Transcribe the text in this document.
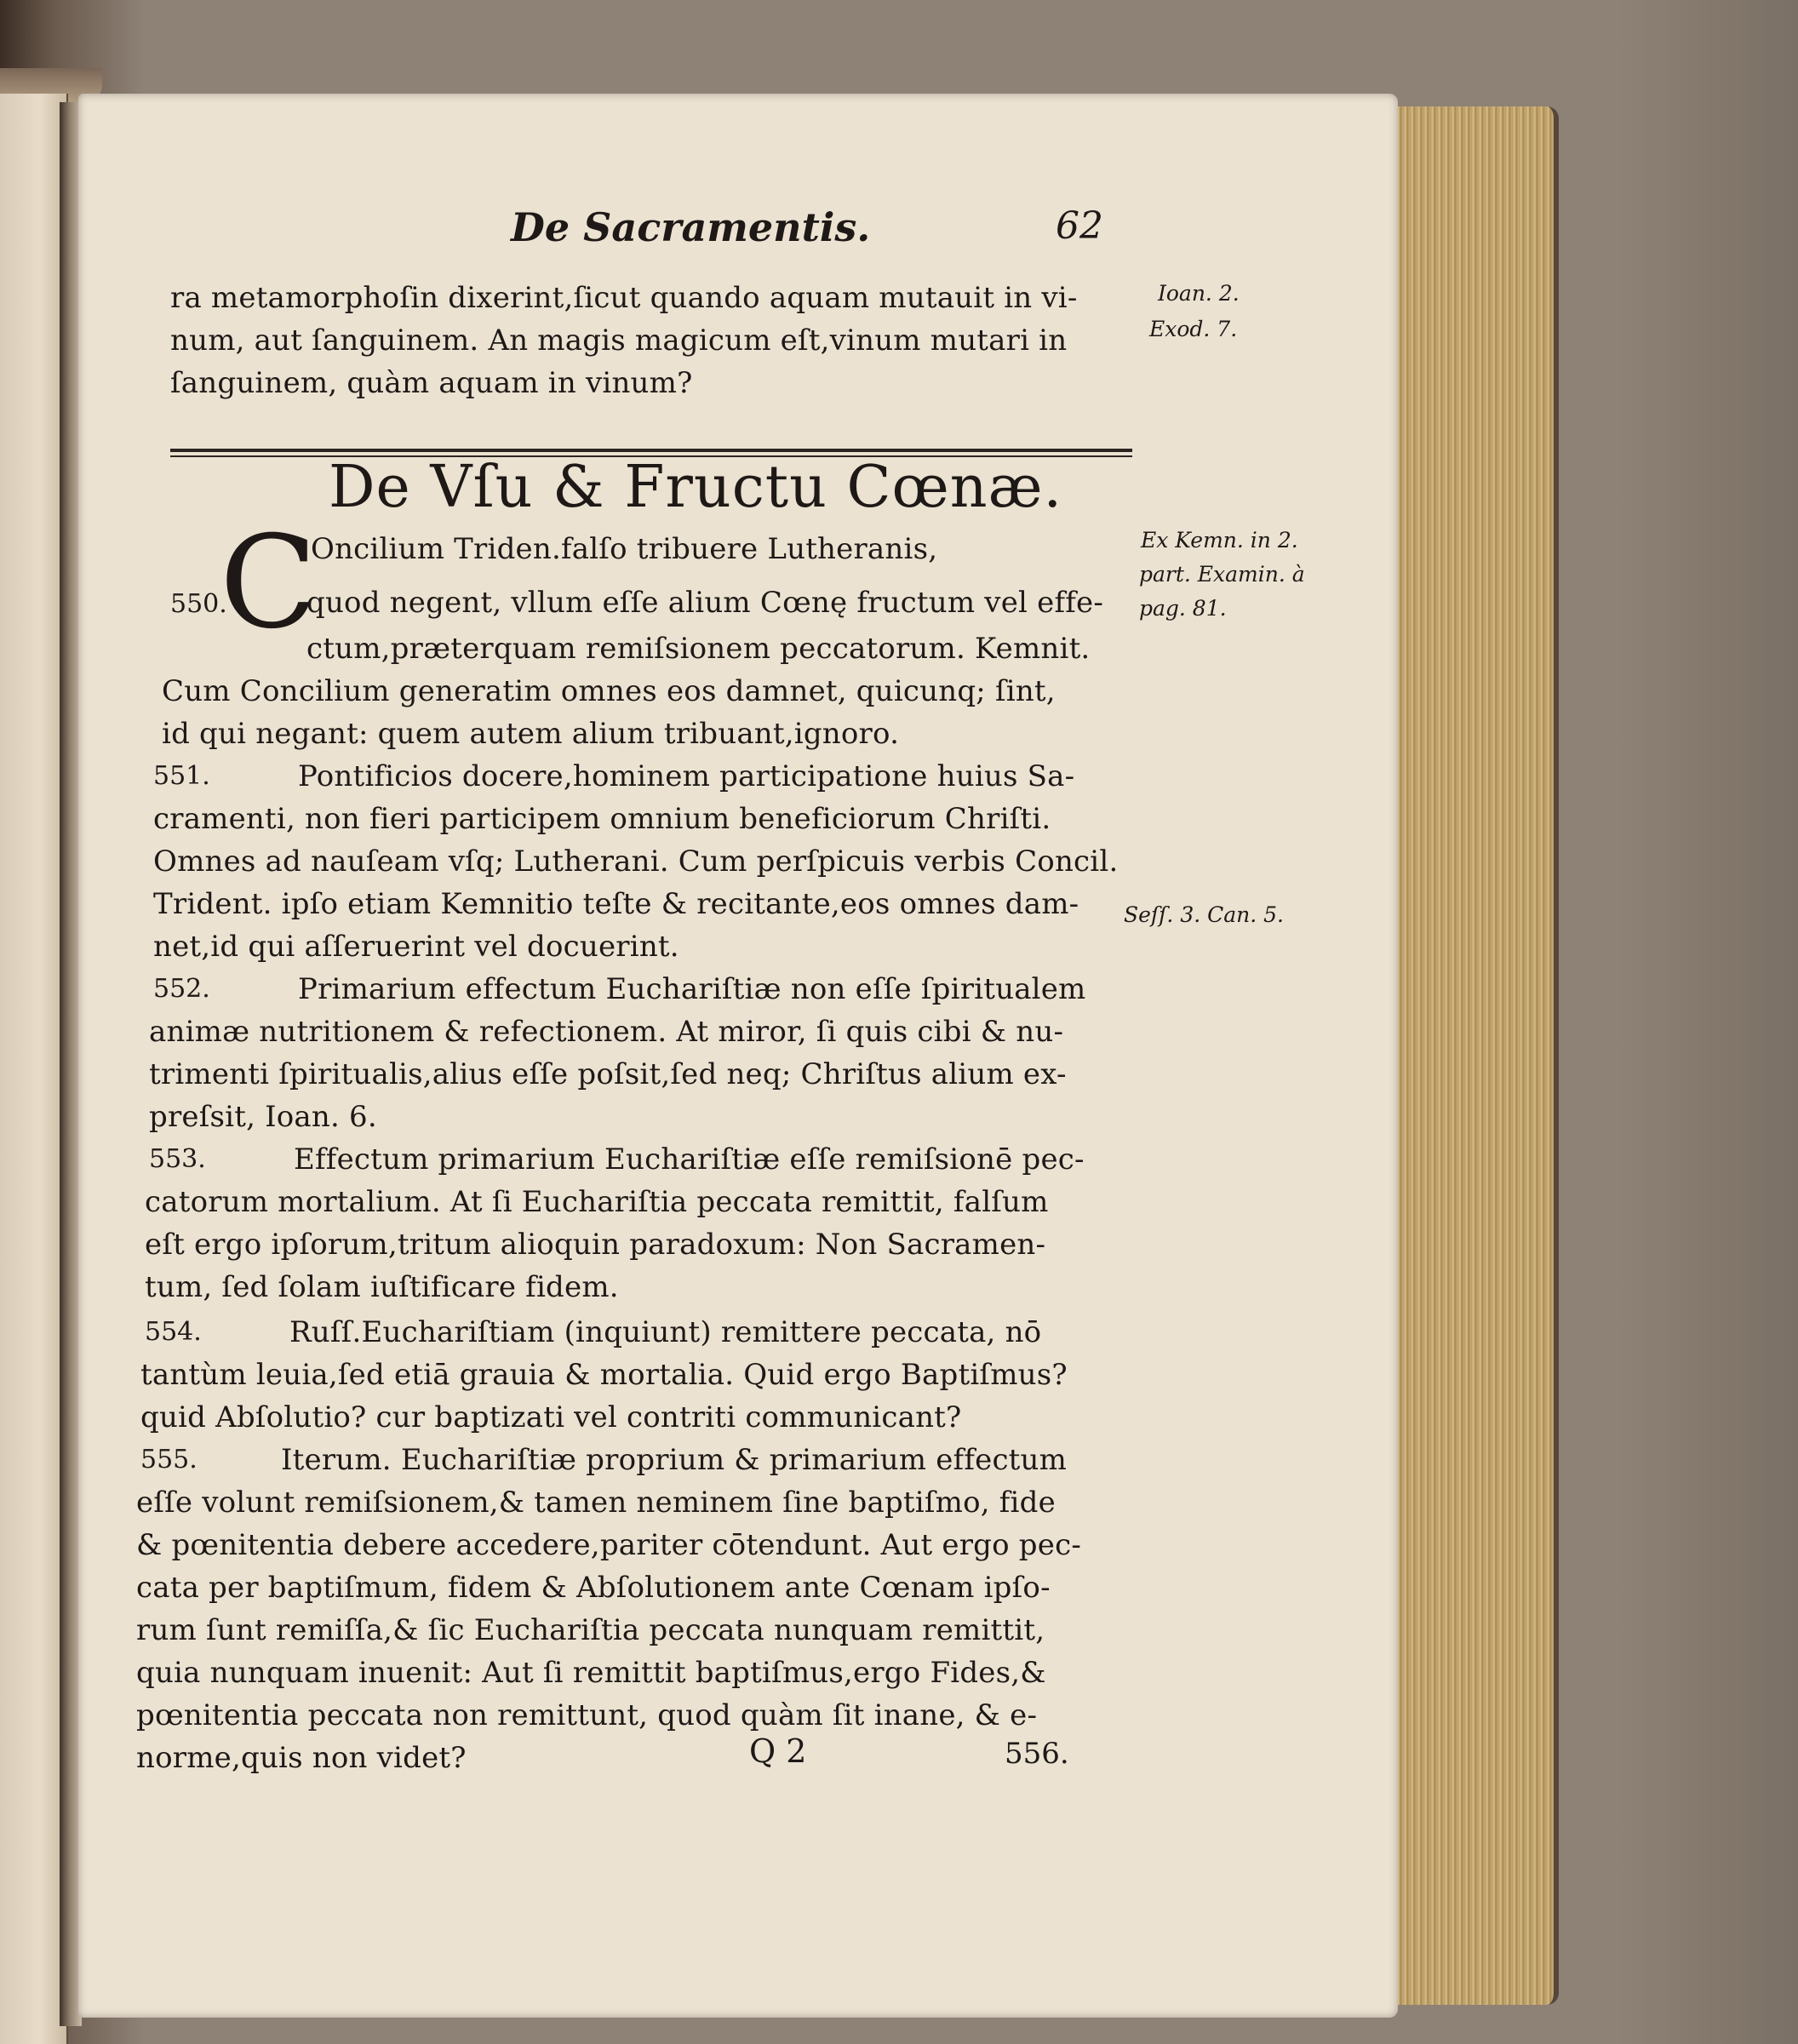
De Sacramentis.	62
ra metamorphoſin dixerint,ſicut quando aquam mutauit in vi-
num, aut ſanguinem. An magis magicum eſt,vinum mutari in
ſanguinem, quàm aquam in vinum?
Ioan. 2.
Exod. 7.
De Vſu & Fructu Cœnæ.
Ex Kemn. in 2.
part. Examin. à
pag. 81.
C
550.
Oncilium Triden.falſo tribuere Lutheranis,
quod negent, vllum eſſe alium Cœnę fructum vel effe-
ctum,præterquam remiſsionem peccatorum. Kemnit.
Cum Concilium generatim omnes eos damnet, quicunq; ſint,
id qui negant: quem autem alium tribuant,ignoro.
551.	Pontificios docere,hominem participatione huius Sa-
cramenti, non fieri participem omnium beneficiorum Chriſti.
Omnes ad nauſeam vſq; Lutherani. Cum perſpicuis verbis Concil.
Trident. ipſo etiam Kemnitio teſte & recitante,eos omnes dam-
net,id qui aſſeruerint vel docuerint.
Seſſ. 3. Can. 5.
552.	Primarium effectum Euchariſtiæ non eſſe ſpiritualem
animæ nutritionem & refectionem. At miror, ſi quis cibi & nu-
trimenti ſpiritualis,alius eſſe poſsit,ſed neq; Chriſtus alium ex-
preſsit, Ioan. 6.
553.	Effectum primarium Euchariſtiæ eſſe remiſsionē pec-
catorum mortalium. At ſi Euchariſtia peccata remittit, falſum
eſt ergo ipſorum,tritum alioquin paradoxum: Non Sacramen-
tum, ſed ſolam iuſtificare fidem.
554.	Ruſſ.Euchariſtiam (inquiunt) remittere peccata, nō
tantùm leuia,ſed etiā grauia & mortalia. Quid ergo Baptiſmus?
quid Abſolutio? cur baptizati vel contriti communicant?
555.	Iterum. Euchariſtiæ proprium & primarium effectum
eſſe volunt remiſsionem,& tamen neminem ſine baptiſmo, fide
& pœnitentia debere accedere,pariter cōtendunt. Aut ergo pec-
cata per baptiſmum, fidem & Abſolutionem ante Cœnam ipſo-
rum ſunt remiſſa,& ſic Euchariſtia peccata nunquam remittit,
quia nunquam inuenit: Aut ſi remittit baptiſmus,ergo Fides,&
pœnitentia peccata non remittunt, quod quàm ſit inane, & e-
norme,quis non videt?	Q 2	556.
